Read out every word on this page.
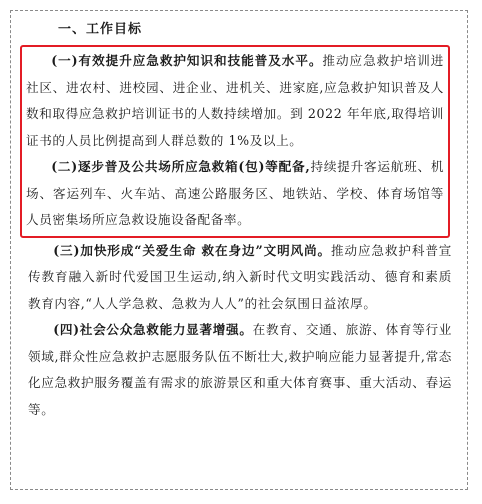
一、工作目标

(一)有效提升应急救护知识和技能普及水平。推动应急救护培训进社区、进农村、进校园、进企业、进机关、进家庭,应急救护知识普及人数和取得应急救护培训证书的人数持续增加。到 2022 年年底,取得培训证书的人员比例提高到人群总数的 1%及以上。

(二)逐步普及公共场所应急救箱(包)等配备,持续提升客运航班、机场、客运列车、火车站、高速公路服务区、地铁站、学校、体育场馆等人员密集场所应急救设施设备配备率。

(三)加快形成“关爱生命 救在身边”文明风尚。推动应急救护科普宣传教育融入新时代爱国卫生运动,纳入新时代文明实践活动、德育和素质教育内容,“人人学急救、急救为人人”的社会氛围日益浓厚。

(四)社会公众急救能力显著增强。在教育、交通、旅游、体育等行业领域,群众性应急救护志愿服务队伍不断壮大,救护响应能力显著提升,常态化应急救护服务覆盖有需求的旅游景区和重大体育赛事、重大活动、春运等。
